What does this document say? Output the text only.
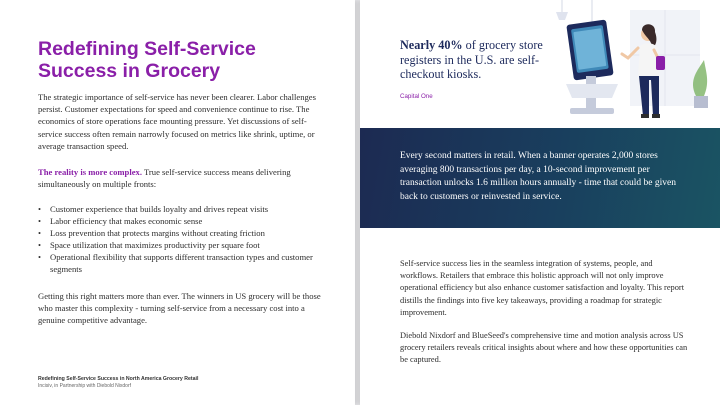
Redefining Self-Service
Success in Grocery

The strategic importance of self-service has never been clearer. Labor challenges persist. Customer expectations for speed and convenience continue to rise. The economics of store operations face mounting pressure. Yet discussions of self-service success often remain narrowly focused on metrics like shrink, uptime, or average transaction speed.

The reality is more complex. True self-service success means delivering simultaneously on multiple fronts:

• Customer experience that builds loyalty and drives repeat visits
• Labor efficiency that makes economic sense
• Loss prevention that protects margins without creating friction
• Space utilization that maximizes productivity per square foot
• Operational flexibility that supports different transaction types and customer segments

Getting this right matters more than ever. The winners in US grocery will be those who master this complexity - turning self-service from a necessary cost into a genuine competitive advantage.

Redefining Self-Service Success in North America Grocery Retail
Incisiv, in Partnership with Diebold Nixdorf

Nearly 40% of grocery store registers in the U.S. are self-checkout kiosks.

Capital One

Every second matters in retail. When a banner operates 2,000 stores averaging 800 transactions per day, a 10-second improvement per transaction unlocks 1.6 million hours annually - time that could be given back to customers or reinvested in service.

Self-service success lies in the seamless integration of systems, people, and workflows. Retailers that embrace this holistic approach will not only improve operational efficiency but also enhance customer satisfaction and loyalty. This report distills the findings into five key takeaways, providing a roadmap for strategic improvement.

Diebold Nixdorf and BlueSeed's comprehensive time and motion analysis across US grocery retailers reveals critical insights about where and how these opportunities can be captured.
